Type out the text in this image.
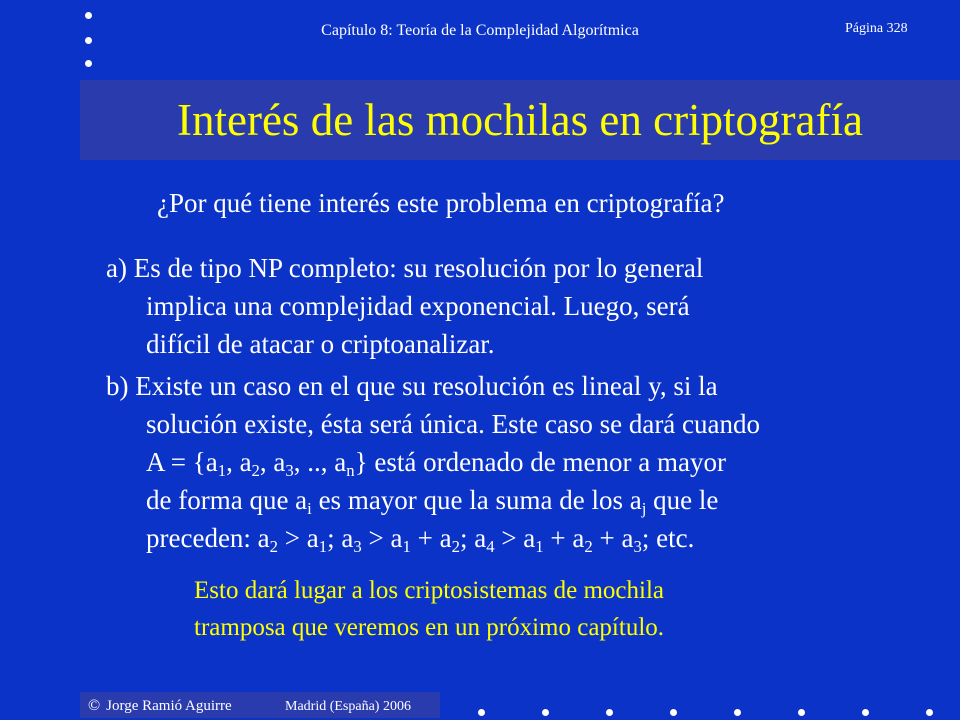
Capítulo 8: Teoría de la Complejidad Algorítmica	Página 328
Interés de las mochilas en criptografía
¿Por qué tiene interés este problema en criptografía?
a) Es de tipo NP completo: su resolución por lo general
implica una complejidad exponencial. Luego, será
difícil de atacar o criptoanalizar.
b) Existe un caso en el que su resolución es lineal y, si la
solución existe, ésta será única. Este caso se dará cuando
$A = \{a_1$, $a_2$, $a_3$, .., $a_n$} está ordenado de menor a mayor
de forma que $a_i$ es mayor que la suma de los $a_j$ que le
preceden: $a_2 > a_1$; $a_3 > a_1 + a_2$; $a_4 > a_1 + a_2 + a_3$; etc.
Esto dará lugar a los criptosistemas de mochila
tramposa que veremos en un próximo capítulo.
© Jorge Ramió Aguirre	Madrid (España) 2006
